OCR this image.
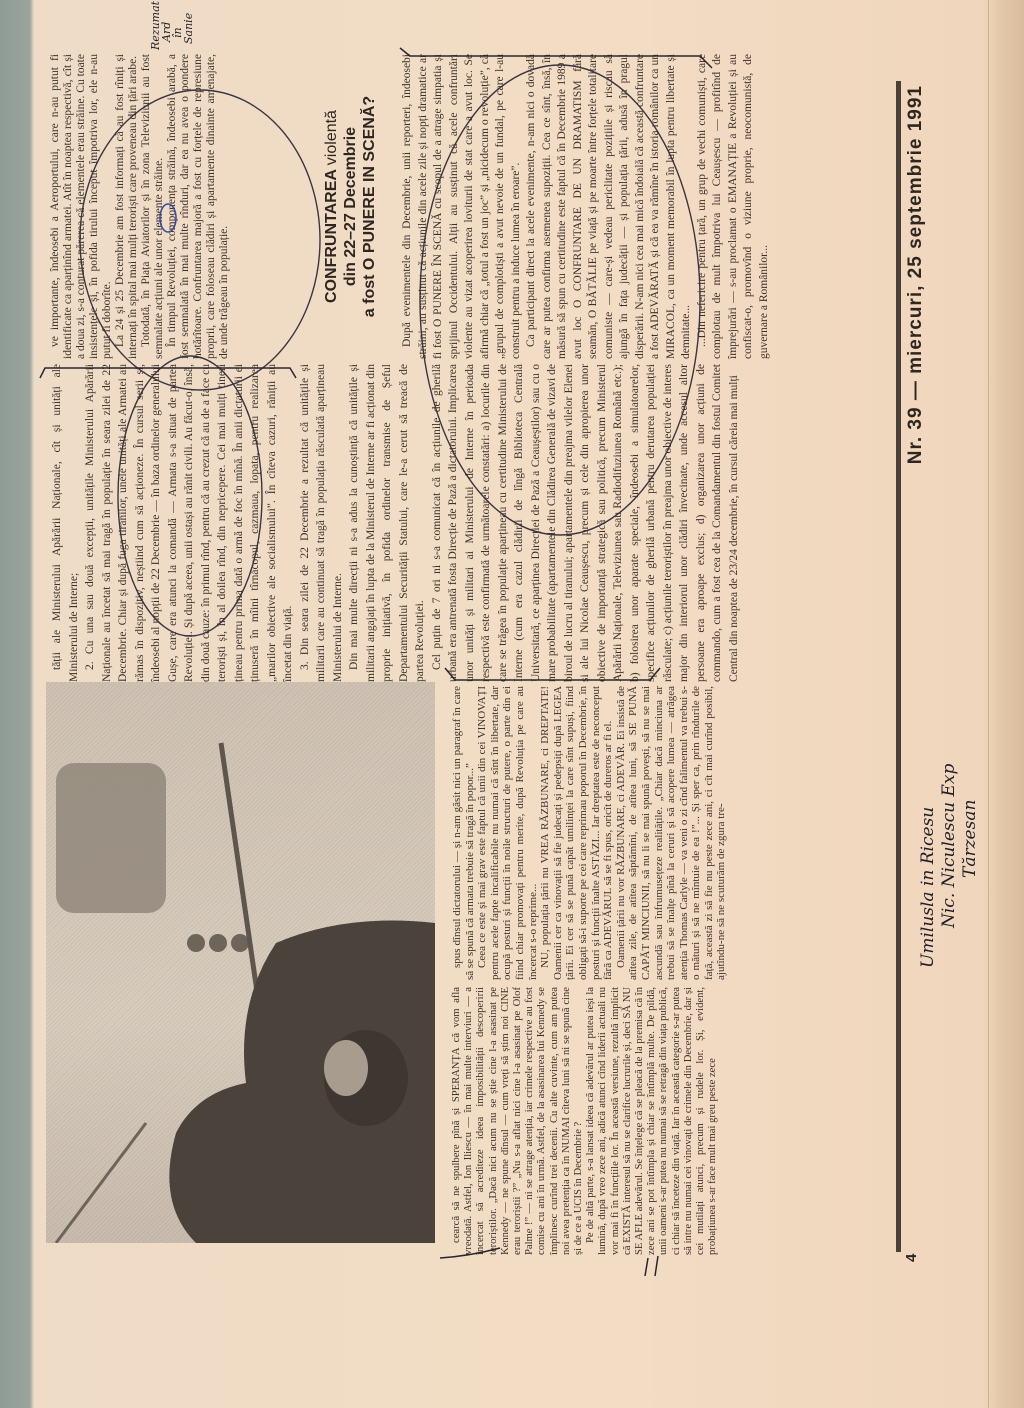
ve importante, îndeosebi a Aeroportului, care n-au putut fi identificate ca aparținînd armatei. Atît în noaptea respectivă, cît și a doua zi, s-a conturat părerea că elementele erau străine. Cu toate insistențele și, în pofida tirului început împotriva lor, ele n-au putut fi doborîte. La 24 și 25 Decembrie am fost informați că au fost rîniți și internați în spital mai mulți teroriști care proveneau din țări arabe. Totodată, în Piața Aviatorilor și în zona Televiziunii au fost semnalate acțiuni ale unor elemente străine. În timpul Revoluției, componența străină, îndeosebi arabă, a fost semnalată în mai multe rînduri, dar ea nu avea o pondere hotărîtoare. Confruntarea majoră a fost cu forțele de represiune proprii, care foloseau clădiri și apartamente dinainte amenajate, de unde trăgeau în populație.	CONFRUNTAREA violentă din 22–27 Decembrie a fost O PUNERE IN SCENĂ? După evenimentele din Decembrie, unii reporteri, îndeosebi străini, au susținut că acțiunile din acele zile și nopți dramatice ar fi fost O PUNERE ÎN SCENĂ cu scopul de a atrage simpatia și sprijinul Occidentului. Alții au susținut că acele confruntări violente au vizat acoperirea loviturii de stat care a avut loc. Se afirmă chiar că „totul a fost un joc” și „nicidecum o revoluție”, că „grupul de complotiști a avut nevoie de un fundal, pe care l-au construit pentru a induce lumea în eroare”. Ca participant direct la acele evenimente, n-am nici o dovadă care ar putea confirma asemenea supoziții. Cea ce sînt, însă, în măsură să spun cu certitudine este faptul că în Decembrie 1989 a avut loc O CONFRUNTARE DE UN DRAMATISM fără seamăn, O BĂTĂLIE pe viață și pe moarte între forțele totalitare comuniste — care-și vedeau periclitate pozițiile și riscau să ajungă în fața judecății — și populația țării, adusă în pragul disperării. N-am nici cea mai mică îndoială că această confruntare a fost ADEVĂRATĂ și că ea va rămîne în istoria românilor ca un MIRACOL, ca un moment memorabil în lupta pentru libertate și demnitate... ...Din nefericire pentru țară, un grup de vechi comuniști, care complotau de mult împotriva lui Ceaușescu — profitînd de împrejurări — s-au proclamat o EMANAȚIE a Revoluției și au confiscat-o, promovînd o viziune proprie, neocomunistă, de guvernare a Românilor...

tății ale Ministerului Apărării Naționale, cît și unități ale Ministerului de Interne; 2. Cu una sau două excepții, unitățile Ministerului Apărării Naționale au încetat să mai tragă în populație în seara zilei de 22 Decembrie. Chiar și după fuga tiranilor, unele unități ale Armatei au rămas în dispozitiv, neștiind cum să acționeze. În cursul serii și, îndeosebi al nopții de 22 Decembrie — în baza ordinelor generalului Gușe, care era atunci la comandă — Armata s-a situat de partea Revoluției. Și după aceea, unii ostași au rănit civili. Au făcut-o, însă, din două cauze: în primul rînd, pentru că au crezut că au de a face cu teroriști și, în al doilea rînd, din nepricepere. Cei mai mulți tineri țineau pentru prima dată o armă de foc în mînă. În anii dictaturii ei ținuseră în mîini tîrnăcopul, cazmaua, lopata, pentru realizarea „marilor obiective ale socialismului”. În cîteva cazuri, răniții au încetat din viață. 3. Din seara zilei de 22 Decembrie a rezultat că unitățile și militarii care au continuat să tragă în populația răsculată aparțineau Ministerului de Interne. Din mai multe direcții ni s-a adus la cunoștință că unitățile și militarii angajați în lupta de la Ministerul de Interne ar fi acționat din proprie inițiativă, în pofida ordinelor transmise de Șeful Departamentului Securității Statului, care le-a cerut să treacă de partea Revoluției. Cel puțin de 7 ori ni s-a comunicat că în acțiunile de gherilă urbană era antrenată fosta Direcție de Pază a dictatorului. Implicarea unor unități și militari ai Ministerului de Interne în perioada respectivă este confirmată de următoarele constatări: a) locurile din care se trăgea în populație aparțineau cu certitudine Ministerului de Interne (cum era cazul clădirii de lîngă Biblioteca Centrală Universitară, ce aparținea Direcției de Pază a Ceaușeștilor) sau cu o mare probabilitate (apartamentele din Clădirea Generală de vizavi de biroul de lucru al tiranului; apartamentele din preajma vilelor Elenei și ale lui Nicolae Ceaușescu, precum și cele din apropierea unor obiective de importanță strategică sau politică, precum Ministerul Apărării Naționale, Televiziunea sau Radiodifuziunea Română etc.); b) folosirea unor aparate speciale, îndeosebi a simulatoarelor, specifice acțiunilor de gherilă urbană pentru derutarea populației răsculate; c) acțiunile teroriștilor în preajma unor obiective de interes major din interiorul unor clădiri învecinate, unde accesul altor persoane era aproape exclus; d) organizarea unor acțiuni de commando, cum a fost cea de la Comandamentul din fostul Comitet Central din noaptea de 23/24 decembrie, în cursul căreia mai mulți

spus dînsul dictatorului — și n-am găsit nici un paragraf în care să se spună că armata trebuie să tragă în popor...” Ceea ce este și mai grav este faptul că unii din cei VINOVAȚI pentru acele fapte incalificabile nu numai că sînt în libertate, dar ocupă posturi și funcții în noile structuri de putere, o parte din ei fiind chiar promovați pentru merite, după Revoluția pe care au încercat s-o reprime... NU, populația țării nu VREA RĂZBUNARE, ci DREPTATE! Oamenii cer ca vinovații să fie judecați și pedepsiți după LEGEA țării. Ei cer să se pună capăt umilinței la care sînt supuși, fiind obligați să-i suporte pe cei care reprimau poporul în Decembrie, în posturi și funcții înalte ASTĂZI... Iar dreptatea este de neconceput fără ca ADEVĂRUL să se fi spus, oricît de dureros ar fi el. Oamenii țării nu vor RĂZBUNARE, ci ADEVĂR. Ei insistă de atîtea zile, de atîtea săptămîni, de atîtea luni, să SE PUNĂ CAPĂT MINCIUNII, să nu li se mai spună povești, să nu se mai ascundă sau înfrumusețeze realitățile. „Chiar dacă minciuna ar trebui să se înalțe pînă la ceruri și să acopere lumea — atrăgea atenția Thomas Carlyle — va veni o zi cînd falimentul va trebui s-o mături și să ne mîntuie de ea !”... Și sper ca, prin rîndurile de față, această zi să fie nu peste zece ani, ci cît mai curînd posibil, ajutîndu-ne să ne scuturăm de zgura tre-

cearcă să ne spulbere pînă și SPERANȚA că vom afla vreodată. Astfel, Ion Iliescu — în mai multe interviuri — a încercat să acrediteze ideea imposibilității descoperirii teroriștilor. „Dacă nici acum nu se știe cine l-a asasinat pe Kennedy — ne spune dînsul — cum vreți să știm noi CINE erau teroriștii ?” „Nu s-a aflat nici cine l-a asasinat pe Olof Palme !” — ni se atrage atenția, iar crimele respective au fost comise cu ani în urmă. Astfel, de la asasinarea lui Kennedy se împlinesc curînd trei decenii. Cu alte cuvinte, cum am putea noi avea pretenția ca în NUMAI cîteva luni să ni se spună cine și de ce a UCIS în Decembrie ? Pe de altă parte, s-a lansat ideea că adevărul ar putea ieși la lumină, după vreo zece ani, adică atunci cînd liderii actuali nu vor mai fi în funcțiile lor. În această versiune, rezultă implicit că EXISTĂ interesul să nu se clarifice lucrurile și, deci SĂ NU SE AFLE adevărul. Se înțelege că se pleacă de la premisa că în zece ani se pot întîmpla și chiar se întîmplă multe. De pildă, unii oameni s-ar putea nu numai să se retragă din viața publică, ci chiar să înceteze din viață. Iar în această categorie s-ar putea să intre nu numai cei vinovați de crimele din Decembrie, dar și cei mutilați atunci, precum și rudele lor. Și, evident, probațiunea s-ar face mult mai greu peste zece

4
Nr. 39 — miercuri, 25 septembrie 1991
Umilusla in Ricesu Nic. Niculescu Exp Tărzesan
Rezumat
Ard
în
Sanie
